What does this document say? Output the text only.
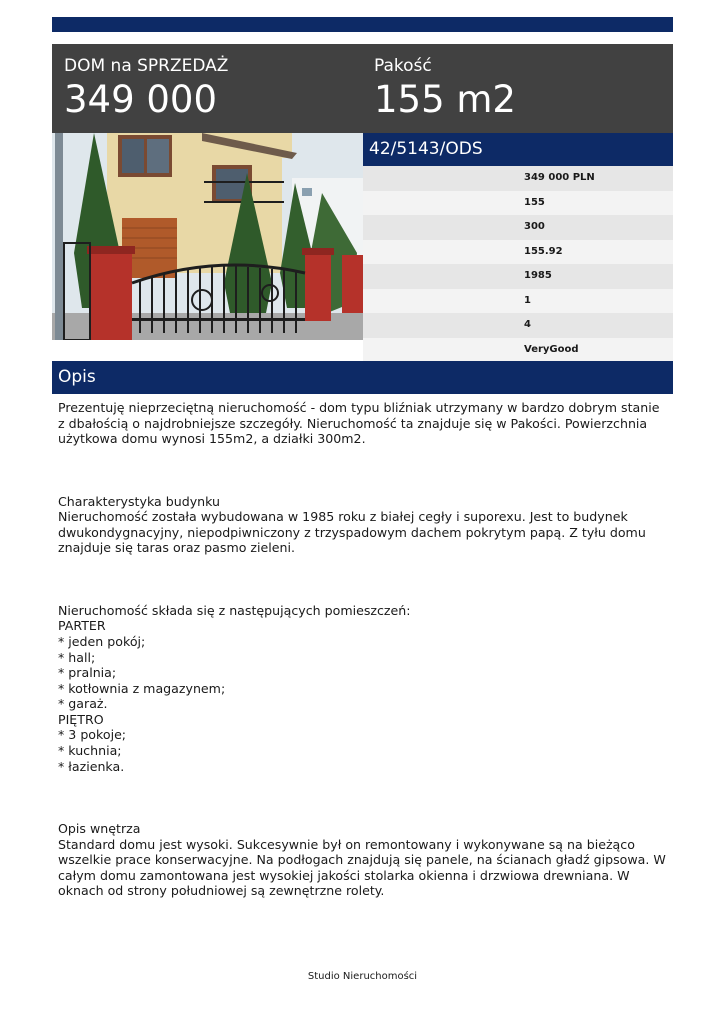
DOM na SPRZEDAŻ
349 000
Pakość
155 m2
42/5143/ODS
349 000 PLN
155
300
155.92
1985
1
4
VeryGood
Opis
Prezentuję nieprzeciętną nieruchomość - dom typu bliźniak utrzymany w bardzo dobrym stanie z dbałością o najdrobniejsze szczegóły. Nieruchomość ta znajduje się w Pakości. Powierzchnia użytkowa domu wynosi 155m2, a działki 300m2.

Charakterystyka budynku
Nieruchomość została wybudowana w 1985 roku z białej cegły i suporexu. Jest to budynek dwukondygnacyjny, niepodpiwniczony z trzyspadowym dachem pokrytym papą. Z tyłu domu znajduje się taras oraz pasmo zieleni.

Nieruchomość składa się z następujących pomieszczeń:
PARTER
* jeden pokój;
* hall;
* pralnia;
* kotłownia z magazynem;
* garaż.
PIĘTRO
* 3 pokoje;
* kuchnia;
* łazienka.

Opis wnętrza
Standard domu jest wysoki. Sukcesywnie był on remontowany i wykonywane są na bieżąco wszelkie prace konserwacyjne. Na podłogach znajdują się panele, na ścianach gładź gipsowa. W całym domu zamontowana jest wysokiej jakości stolarka okienna i drzwiowa drewniana. W oknach od strony południowej są zewnętrzne rolety.
Studio Nieruchomości
